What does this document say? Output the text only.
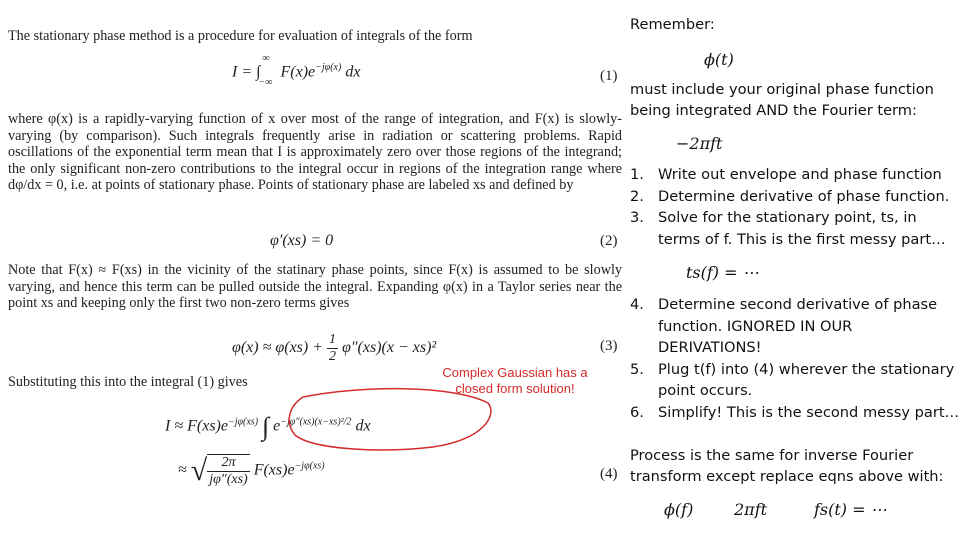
The stationary phase method is a procedure for evaluation of integrals of the form
I = ∫
∞
−∞
$F(x)e^{-j\varphi(x)}$ dx	(1)
where φ(x) is a rapidly-varying function of x over most of the range of integration, and F(x) is slowly-varying (by comparison). Such integrals frequently arise in radiation or scattering problems. Rapid oscillations of the exponential term mean that I is approximately zero over those regions of the integrand; the only significant non-zero contributions to the integral occur in regions of the integration range where dφ/dx = 0, i.e. at points of stationary phase. Points of stationary phase are labeled xs and defined by
φ′(xs) = 0	(2)
Note that F(x) ≈ F(xs) in the vicinity of the statinary phase points, since F(x) is assumed to be slowly varying, and hence this term can be pulled outside the integral. Expanding φ(x) in a Taylor series near the point xs and keeping only the first two non-zero terms gives
$\varphi(x) \approx \varphi(xs) + \frac{1}{2} \varphi''(xs)(x - xs)^2$	(3)
Substituting this into the integral (1) gives
$I \approx F(xs)e^{-j\varphi(xs)}$ ∫ $e^{-j\varphi''(xs)(x-xs)^2/2}$ dx
≈ √ $\frac{2\pi}{j\varphi''(xs)} F(xs)e^{-j\varphi(xs)}$
(4)
Complex Gaussian has a closed form solution!
Remember:
ϕ(t)
must include your original phase function being integrated AND the Fourier term:
−2πft
1. Write out envelope and phase function
2. Determine derivative of phase function.
3. Solve for the stationary point, ts, in terms of f. This is the first messy part…
ts(f) = ⋯
4. Determine second derivative of phase function. IGNORED IN OUR DERIVATIONS!
5. Plug t(f) into (4) wherever the stationary point occurs.
6. Simplify! This is the second messy part…
Process is the same for inverse Fourier transform except replace eqns above with:
ϕ(f)	2πft	fs(t) = ⋯
